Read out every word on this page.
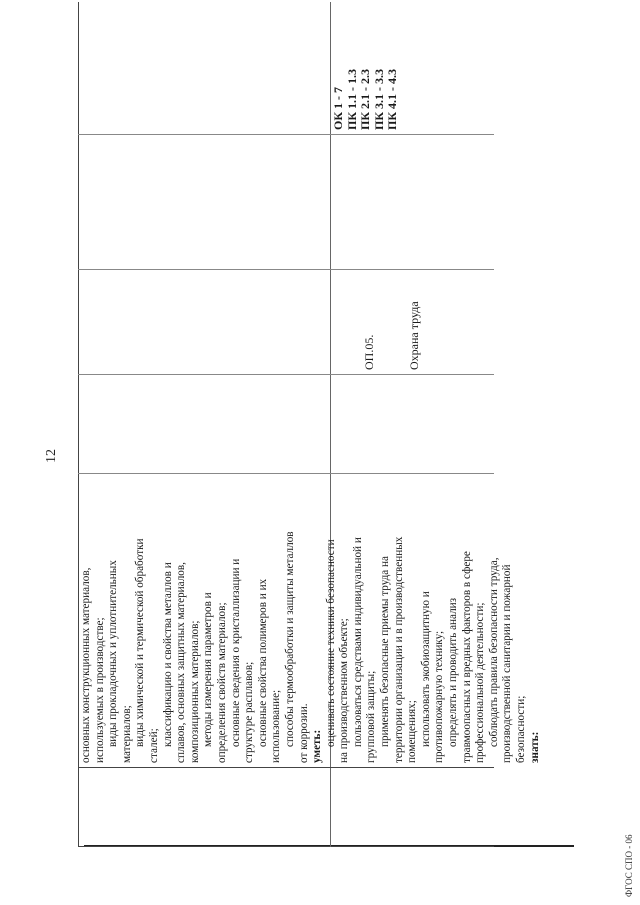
ФГОС СПО - 06
12
основных конструкционных материалов, используемых в производстве; виды прокладочных и уплотнительных материалов; виды химической и термической обработки сталей; классификацию и свойства металлов и сплавов, основных защитных материалов, композиционных материалов; методы измерения параметров и определения свойств материалов; основные сведения о кристаллизации и структуре расплавов; основные свойства полимеров и их использование; способы термообработки и защиты металлов от коррозии. уметь: оценивать состояние техники безопасности на производственном объекте; пользоваться средствами индивидуальной и групповой защиты; применять безопасные приемы труда на территории организации и в производственных помещениях; использовать экобиозащитную и противопожарную технику; определять и проводить анализ травмоопасных и вредных факторов в сфере профессиональной деятельности; соблюдать правила безопасности труда, производственной санитарии и пожарной безопасности; знать:

ОП.05.

	Охрана труда

ОК 1 - 7 ПК 1.1 - 1.3 ПК 2.1 - 2.3 ПК 3.1 - 3.3 ПК 4.1 - 4.3
